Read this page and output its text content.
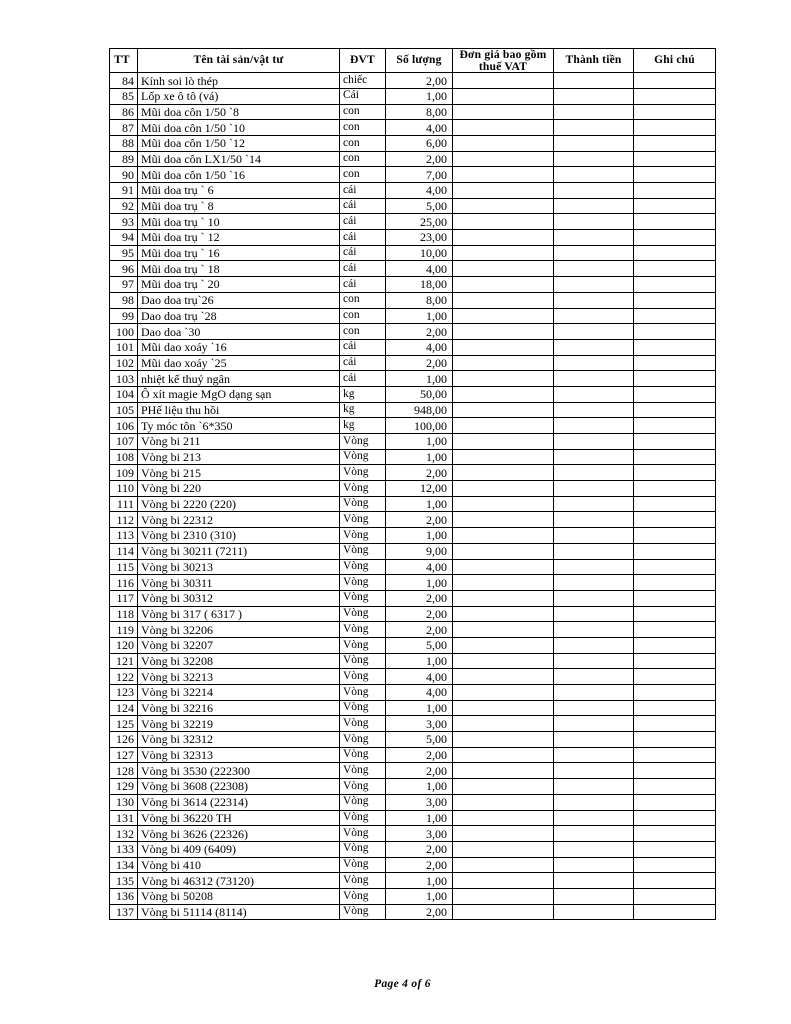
TT	Tên tài sản/vật tư	ĐVT	Số lượng	Đơn giá bao gồm thuế VAT	Thành tiền	Ghi chú
84	Kính soi lò thép	chiếc	2,00			
85	Lốp xe ô tô (vá)	Cái	1,00			
86	Mũi doa côn 1/50 `8	con	8,00			
87	Mũi doa côn 1/50 `10	con	4,00			
88	Mũi doa côn 1/50 `12	con	6,00			
89	Mũi doa côn LX1/50 `14	con	2,00			
90	Mũi doa côn 1/50 `16	con	7,00			
91	Mũi doa trụ ` 6	cái	4,00			
92	Mũi doa trụ ` 8	cái	5,00			
93	Mũi doa trụ ` 10	cái	25,00			
94	Mũi doa trụ ` 12	cái	23,00			
95	Mũi doa trụ ` 16	cái	10,00			
96	Mũi doa trụ ` 18	cái	4,00			
97	Mũi doa trụ ` 20	cái	18,00			
98	Dao doa trụ`26	con	8,00			
99	Dao doa trụ `28	con	1,00			
100	Dao doa `30	con	2,00			
101	Mũi dao xoáy `16	cái	4,00			
102	Mũi dao xoáy `25	cái	2,00			
103	nhiệt kế thuỷ ngân	cái	1,00			
104	Ô xít magie MgO dạng sạn	kg	50,00			
105	PHế liệu thu hồi	kg	948,00			
106	Ty móc tôn `6*350	kg	100,00			
107	Vòng bi 211	Vòng	1,00			
108	Vòng bi 213	Vòng	1,00			
109	Vòng bi 215	Vòng	2,00			
110	Vòng bi 220	Vòng	12,00			
111	Vòng bi 2220 (220)	Vòng	1,00			
112	Vòng bi 22312	Vòng	2,00			
113	Vòng bi 2310 (310)	Vòng	1,00			
114	Vòng bi 30211 (7211)	Vòng	9,00			
115	Vòng bi 30213	Vòng	4,00			
116	Vòng bi 30311	Vòng	1,00			
117	Vòng bi 30312	Vòng	2,00			
118	Vòng bi 317 ( 6317 )	Vòng	2,00			
119	Vòng bi 32206	Vòng	2,00			
120	Vòng bi 32207	Vòng	5,00			
121	Vòng bi 32208	Vòng	1,00			
122	Vòng bi 32213	Vòng	4,00			
123	Vòng bi 32214	Vòng	4,00			
124	Vòng bi 32216	Vòng	1,00			
125	Vòng bi 32219	Vòng	3,00			
126	Vòng bi 32312	Vòng	5,00			
127	Vòng bi 32313	Vòng	2,00			
128	Vòng bi 3530 (222300	Vòng	2,00			
129	Vòng bi 3608 (22308)	Vòng	1,00			
130	Vòng bi 3614 (22314)	Vòng	3,00			
131	Vòng bi 36220 TH	Vòng	1,00			
132	Vòng bi 3626 (22326)	Vòng	3,00			
133	Vòng bi 409 (6409)	Vòng	2,00			
134	Vòng bi 410	Vòng	2,00			
135	Vòng bi 46312 (73120)	Vòng	1,00			
136	Vòng bi 50208	Vòng	1,00			
137	Vòng bi 51114 (8114)	Vòng	2,00			
Page 4 of 6
